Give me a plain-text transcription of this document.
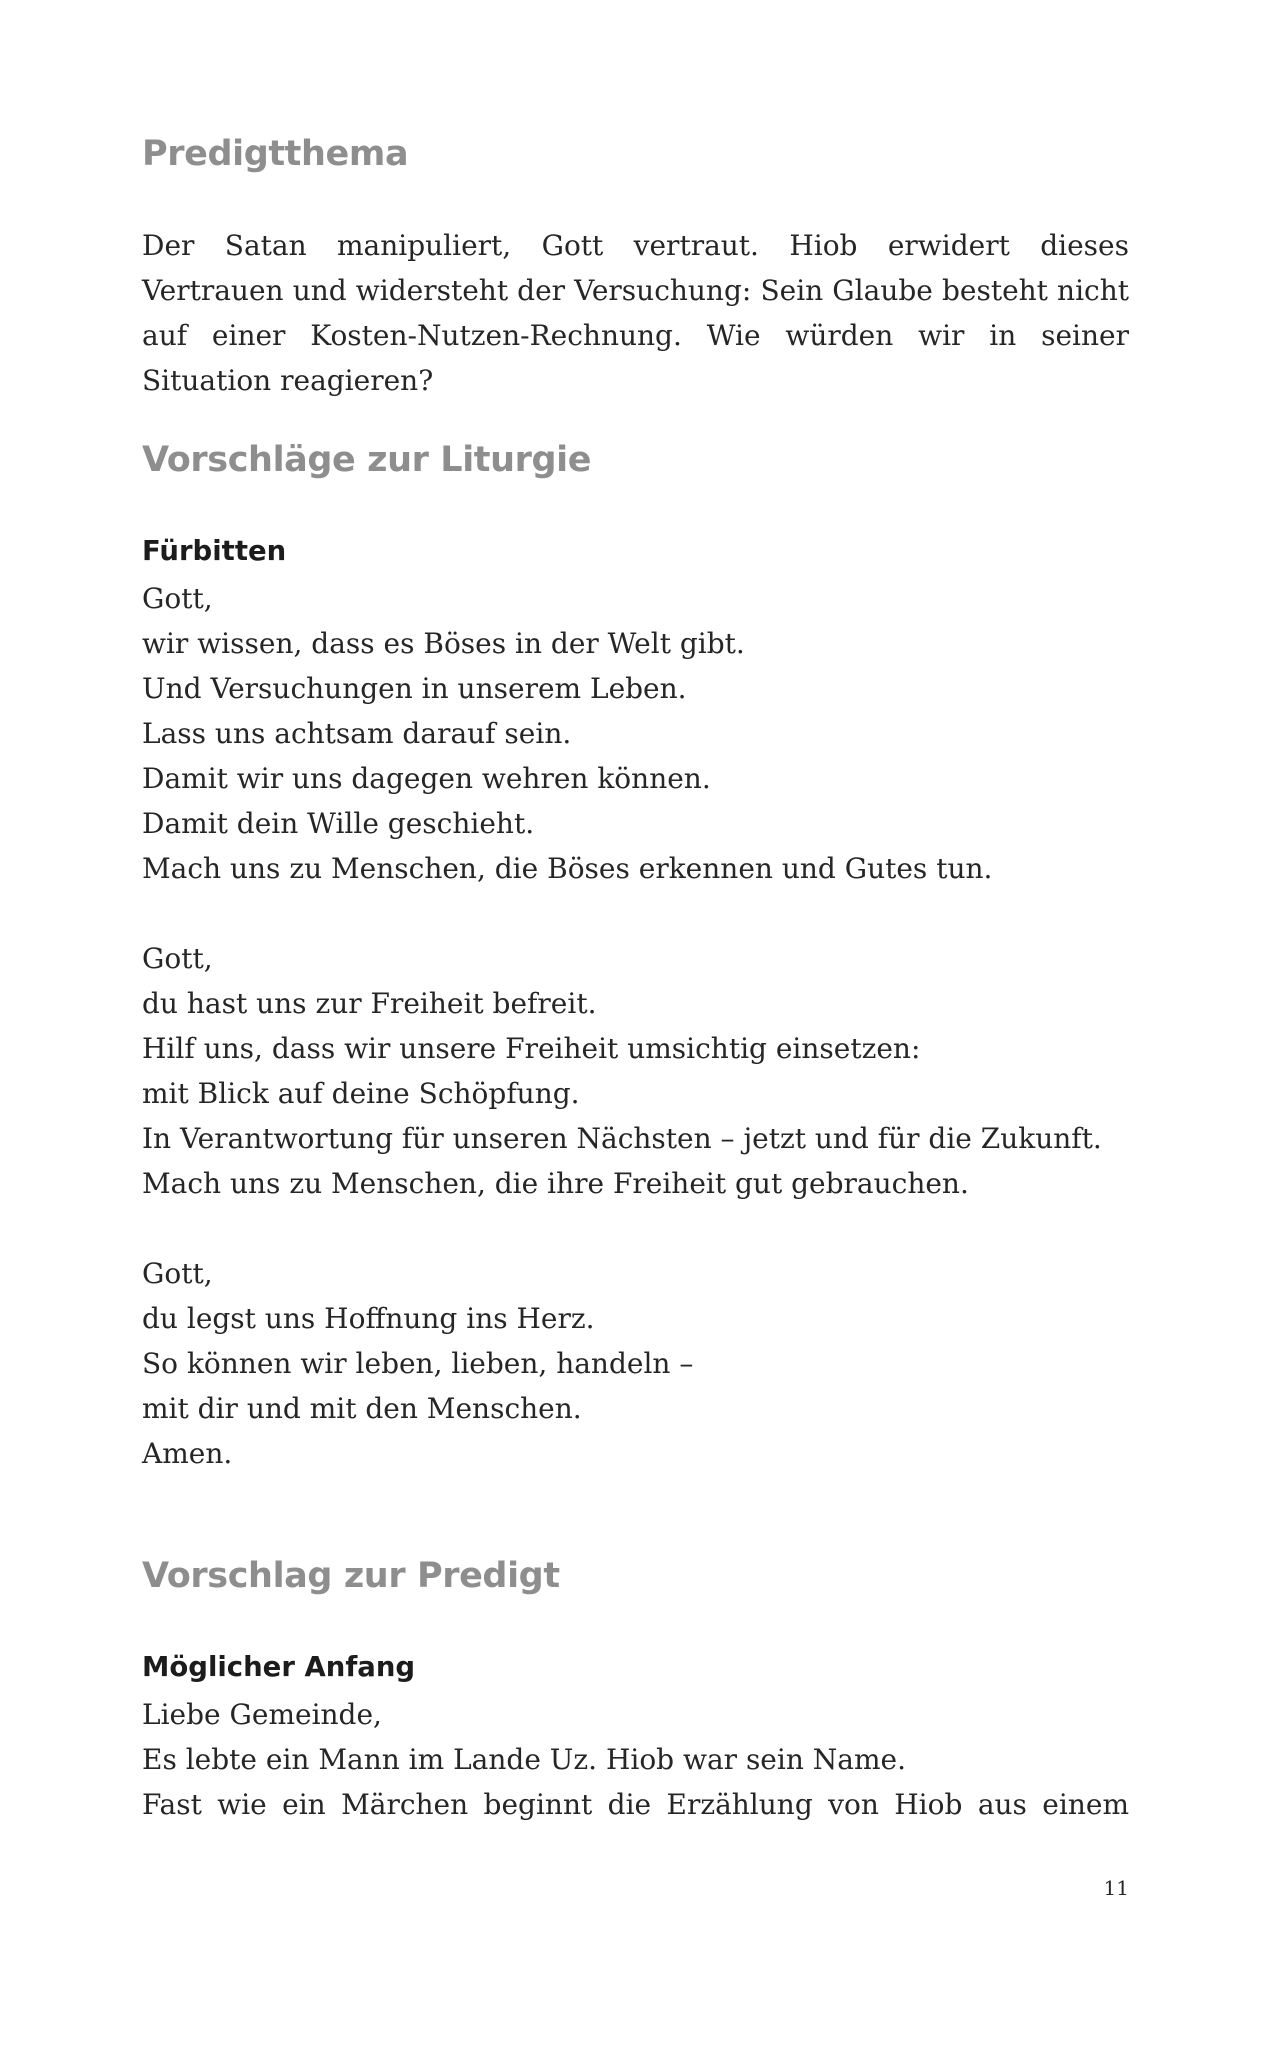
Predigtthema

Der Satan manipuliert, Gott vertraut. Hiob erwidert dieses Vertrauen und widersteht der Versuchung: Sein Glaube besteht nicht auf einer Kosten-Nutzen-Rechnung. Wie würden wir in seiner Situation reagieren?

Vorschläge zur Liturgie
Fürbitten

Gott,

wir wissen, dass es Böses in der Welt gibt.

Und Versuchungen in unserem Leben.

Lass uns achtsam darauf sein.

Damit wir uns dagegen wehren können.

Damit dein Wille geschieht.

Mach uns zu Menschen, die Böses erkennen und Gutes tun.

Gott,

du hast uns zur Freiheit befreit.

Hilf uns, dass wir unsere Freiheit umsichtig einsetzen:

mit Blick auf deine Schöpfung.

In Verantwortung für unseren Nächsten – jetzt und für die Zukunft.

Mach uns zu Menschen, die ihre Freiheit gut gebrauchen.

Gott,

du legst uns Hoffnung ins Herz.

So können wir leben, lieben, handeln –

mit dir und mit den Menschen.

Amen.

Vorschlag zur Predigt
Möglicher Anfang

Liebe Gemeinde,

Es lebte ein Mann im Lande Uz. Hiob war sein Name.

Fast wie ein Märchen beginnt die Erzählung von Hiob aus einem

11
